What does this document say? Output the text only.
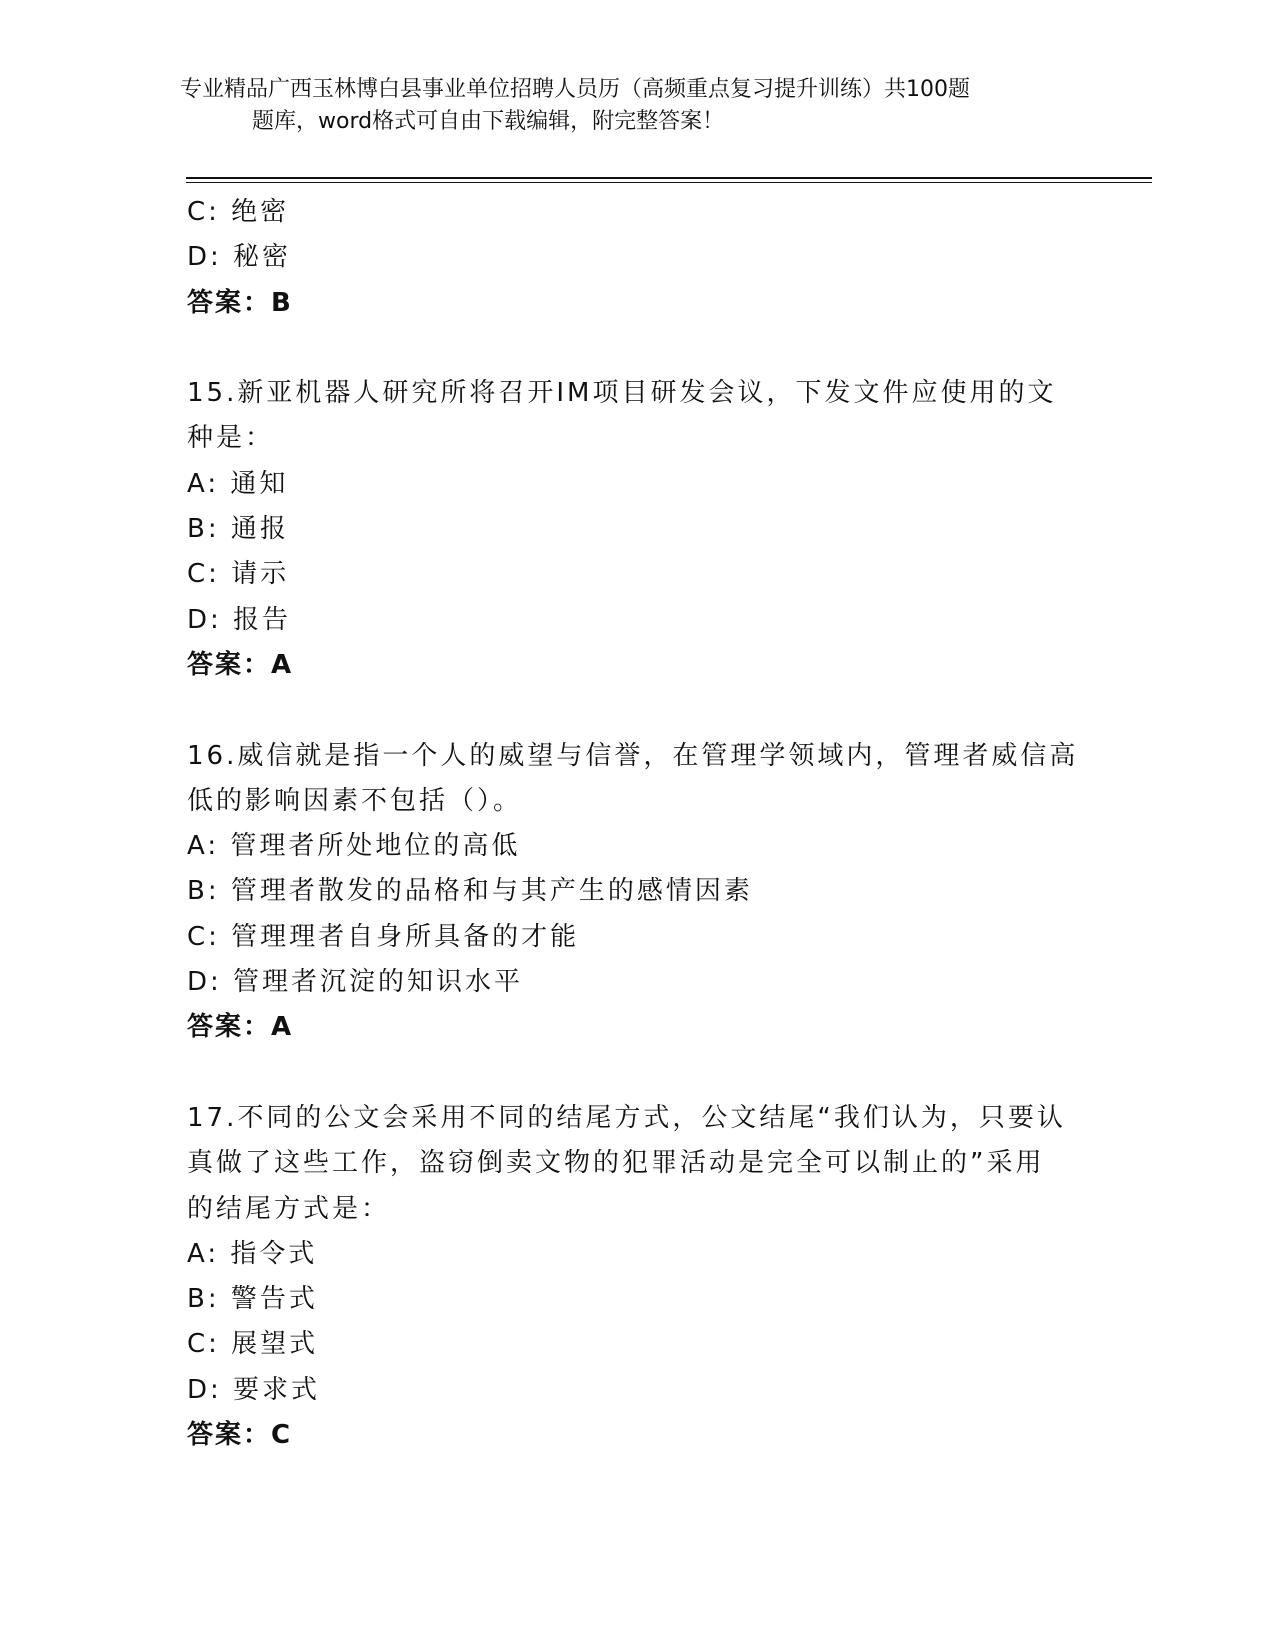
专业精品广西玉林博白县事业单位招聘人员历（高频重点复习提升训练）共100题
题库，word格式可自由下载编辑，附完整答案！
C: 绝密
D: 秘密
答案：B
15.新亚机器人研究所将召开IM项目研发会议，下发文件应使用的文
种是：
A: 通知
B: 通报
C: 请示
D: 报告
答案：A
16.威信就是指一个人的威望与信誉，在管理学领域内，管理者威信高
低的影响因素不包括（）。
A: 管理者所处地位的高低
B: 管理者散发的品格和与其产生的感情因素
C: 管理理者自身所具备的才能
D: 管理者沉淀的知识水平
答案：A
17.不同的公文会采用不同的结尾方式，公文结尾“我们认为，只要认
真做了这些工作，盗窃倒卖文物的犯罪活动是完全可以制止的”采用
的结尾方式是：
A: 指令式
B: 警告式
C: 展望式
D: 要求式
答案：C
